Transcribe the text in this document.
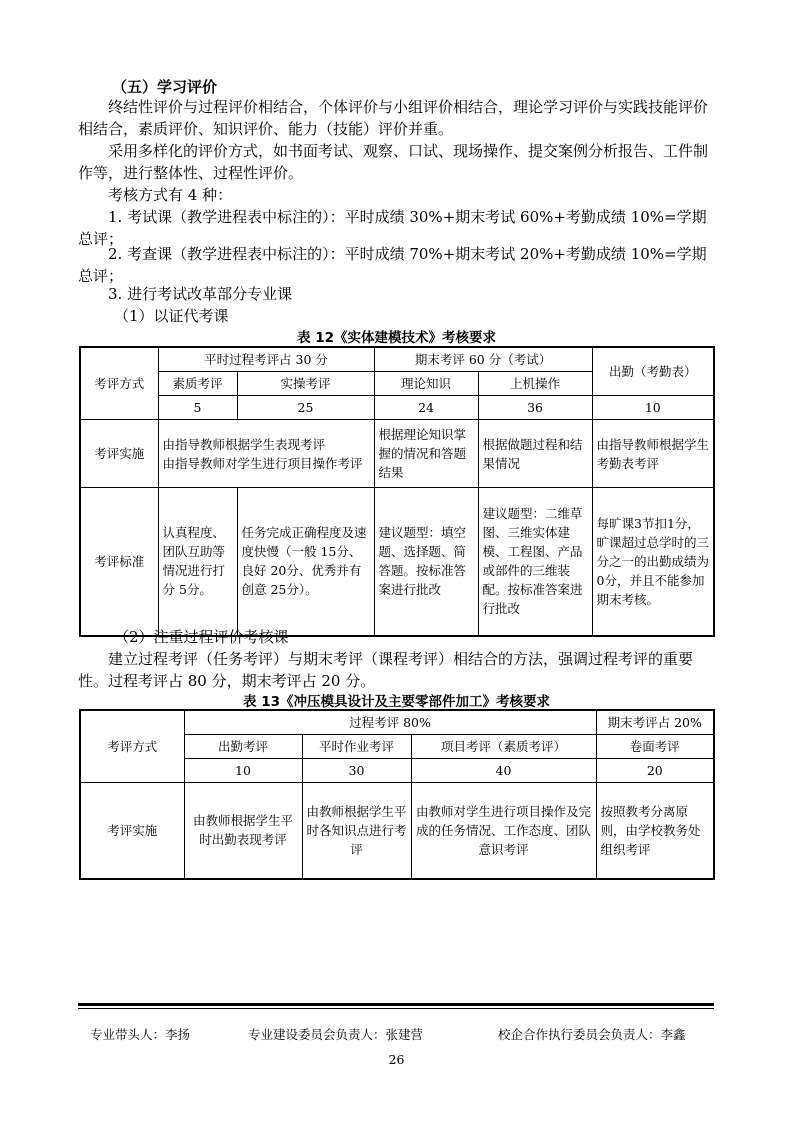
（五）学习评价

终结性评价与过程评价相结合，个体评价与小组评价相结合，理论学习评价与实践技能评价相结合，素质评价、知识评价、能力（技能）评价并重。

采用多样化的评价方式，如书面考试、观察、口试、现场操作、提交案例分析报告、工件制作等，进行整体性、过程性评价。

考核方式有 4 种：

1. 考试课（教学进程表中标注的）：平时成绩 30%+期末考试 60%+考勤成绩 10%=学期总评；

2. 考查课（教学进程表中标注的）：平时成绩 70%+期末考试 20%+考勤成绩 10%=学期总评；

3. 进行考试改革部分专业课

（1）以证代考课

表 12《实体建模技术》考核要求
考评方式	平时过程考评占 30 分		期末考评 60 分（考试）		出勤（考勤表）
	素质考评	实操考评	理论知识	上机操作	
	5	25	24	36	10
考评实施	由指导教师根据学生表现考评
由指导教师对学生进行项目操作考评		根据理论知识掌握的情况和答题结果	根据做题过程和结果情况	由指导教师根据学生考勤表考评
考评标准	认真程度、团队互助等情况进行打分 5分。	任务完成正确程度及速度快慢（一般 15分、良好 20分、优秀并有创意 25分）。	建议题型：填空题、选择题、简答题。按标准答案进行批改	建议题型：二维草图、三维实体建模、工程图、产品或部件的三维装配。按标准答案进行批改	每旷课3节扣1分，旷课超过总学时的三分之一的出勤成绩为 0分，并且不能参加期末考核。

（2）注重过程评价考核课

建立过程考评（任务考评）与期末考评（课程考评）相结合的方法，强调过程考评的重要性。过程考评占 80 分，期末考评占 20 分。

表 13《冲压模具设计及主要零部件加工》考核要求
考评方式	过程考评 80%			期末考评占 20%
	出勤考评	平时作业考评	项目考评（素质考评）	卷面考评
	10	30	40	20
考评实施	由教师根据学生平时出勤表现考评	由教师根据学生平时各知识点进行考评	由教师对学生进行项目操作及完成的任务情况、工作态度、团队意识考评	按照教考分离原则，由学校教务处组织考评
专业带头人：李扬	专业建设委员会负责人：张建营	校企合作执行委员会负责人：李鑫
26
